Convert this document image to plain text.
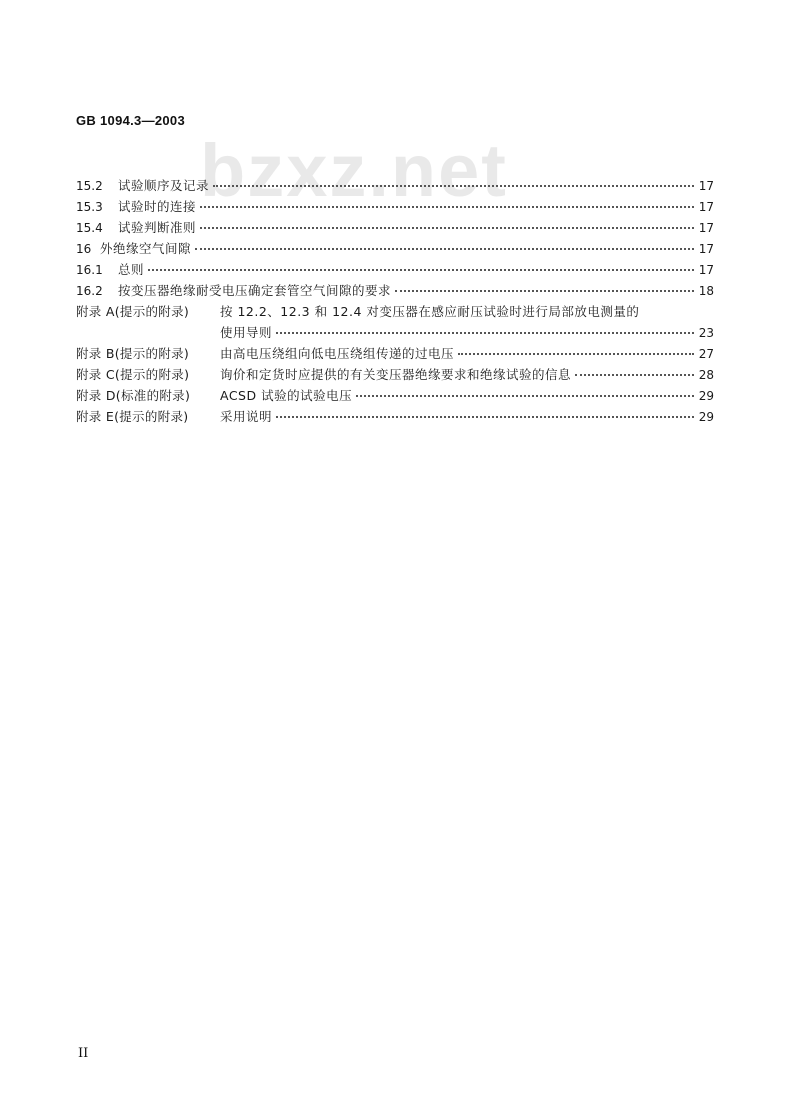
GB 1094.3—2003
bzxz.net
15.2	试验顺序及记录	17
15.3	试验时的连接	17
15.4	试验判断准则	17
16 外绝缘空气间隙	17
16.1	总则	17
16.2	按变压器绝缘耐受电压确定套管空气间隙的要求	18
附录 A(提示的附录)	按 12.2、12.3 和 12.4 对变压器在感应耐压试验时进行局部放电测量的
使用导则	23
附录 B(提示的附录)	由高电压绕组向低电压绕组传递的过电压	27
附录 C(提示的附录)	询价和定货时应提供的有关变压器绝缘要求和绝缘试验的信息	28
附录 D(标准的附录)	ACSD 试验的试验电压	29
附录 E(提示的附录)	采用说明	29
II
